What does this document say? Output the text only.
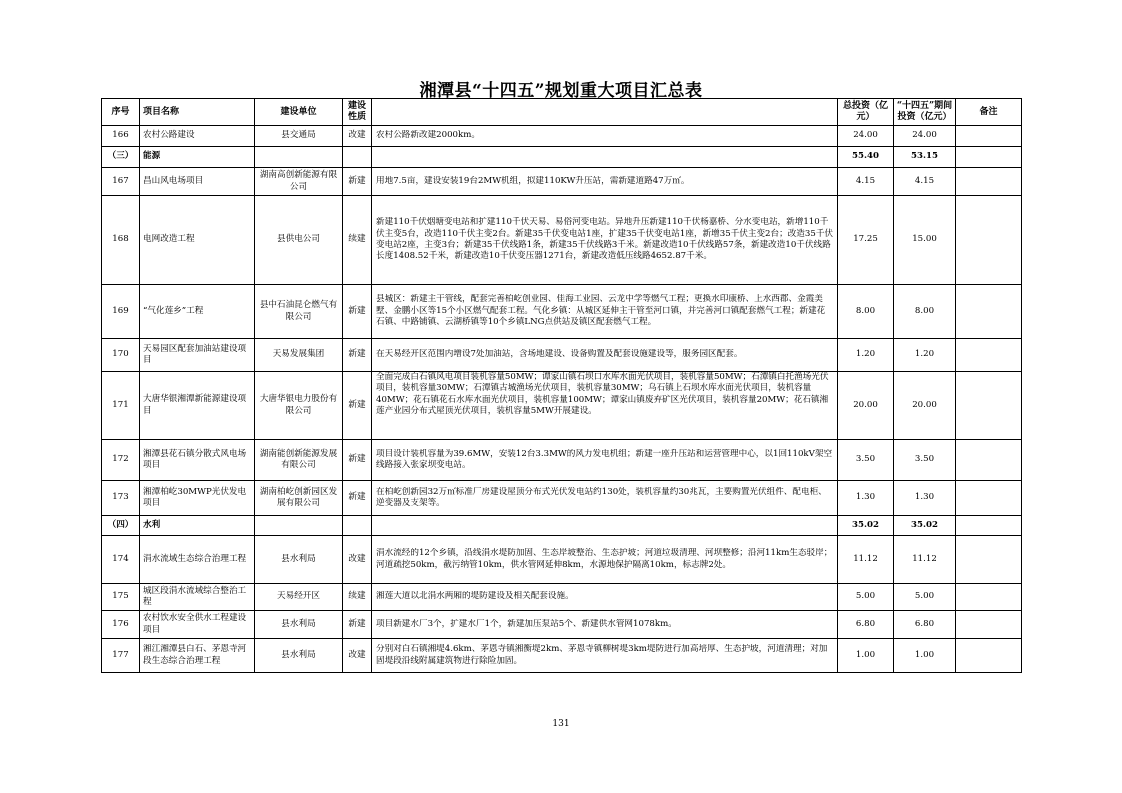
湘潭县“十四五”规划重大项目汇总表
序号	项目名称	建设单位	建设性质		总投资（亿元）	“十四五”期间投资（亿元）	备注
166	农村公路建设	县交通局	改建	农村公路新改建2000km。	24.00	24.00	
（三）	能源				55.40	53.15	
167	昌山风电场项目	湖南高创新能源有限公司	新建	用地7.5亩，建设安装19台2MW机组，拟建110KW升压站，需新建道路47万㎡。	4.15	4.15	
168	电网改造工程	县供电公司	续建	新建110千伏烟塘变电站和扩建110千伏天易、易俗河变电站。异地升压新建110千伏杨嘉桥、分水变电站，新增110千伏主变5台，改造110千伏主变2台。新建35千伏变电站1座，扩建35千伏变电站1座，新增35千伏主变2台；改造35千伏变电站2座，主变3台；新建35千伏线路1条，新建35千伏线路3千米。新建改造10千伏线路57条，新建改造10千伏线路长度1408.52千米，新建改造10千伏变压器1271台，新建改造低压线路4652.87千米。	17.25	15.00	
169	“气化莲乡”工程	县中石油昆仑燃气有限公司	新建	县城区：新建主干管线，配套完善柏屹创业园、佳海工业园、云龙中学等燃气工程；更换水印康桥、上水西郡、金霞美墅、金鹏小区等15个小区燃气配套工程。气化乡镇：从城区延伸主干管至河口镇，并完善河口镇配套燃气工程；新建花石镇、中路铺镇、云湖桥镇等10个乡镇LNG点供站及镇区配套燃气工程。	8.00	8.00	
170	天易园区配套加油站建设项目	天易发展集团	新建	在天易经开区范围内增设7处加油站，含场地建设、设备购置及配套设施建设等，服务园区配套。	1.20	1.20	
171	大唐华银湘潭新能源建设项目	大唐华银电力股份有限公司	新建	全面完成白石镇风电项目装机容量50MW；谭家山镇石坝口水库水面光伏项目，装机容量50MW；石潭镇白托渔场光伏项目，装机容量30MW；石潭镇古城渔场光伏项目，装机容量30MW；乌石镇上石坝水库水面光伏项目，装机容量40MW；花石镇花石水库水面光伏项目，装机容量100MW；谭家山镇废弃矿区光伏项目，装机容量20MW；花石镇湘莲产业园分布式屋顶光伏项目，装机容量5MW开展建设。	20.00	20.00	
172	湘潭县花石镇分散式风电场项目	湖南能创新能源发展有限公司	新建	项目设计装机容量为39.6MW，安装12台3.3MW的风力发电机组；新建一座升压站和运营管理中心，以1回110kV架空线路接入张家坝变电站。	3.50	3.50	
173	湘潭柏屹30MWP光伏发电项目	湖南柏屹创新园区发展有限公司	新建	在柏屹创新园32万㎡标准厂房建设屋顶分布式光伏发电站约130处，装机容量约30兆瓦，主要购置光伏组件、配电柜、逆变器及支架等。	1.30	1.30	
（四）	水利				35.02	35.02	
174	涓水流域生态综合治理工程	县水利局	改建	涓水流经的12个乡镇，沿线涓水堤防加固、生态岸坡整治、生态护坡；河道垃圾清理、河坝整修；沿河11km生态驳岸；河道疏挖50km，截污纳管10km，供水管网延伸8km，水源地保护隔离10km，标志牌2处。	11.12	11.12	
175	城区段涓水流域综合整治工程	天易经开区	续建	湘莲大道以北涓水两厢的堤防建设及相关配套设施。	5.00	5.00	
176	农村饮水安全供水工程建设项目	县水利局	新建	项目新建水厂3个，扩建水厂1个，新建加压泵站5个、新建供水管网1078km。	6.80	6.80	
177	湘江湘潭县白石、茅恩寺河段生态综合治理工程	县水利局	改建	分别对白石镇湘堤4.6km、茅恩寺镇湘衡堤2km、茅恩寺镇柳树堤3km堤防进行加高培厚、生态护坡，河道清理；对加固堤段沿线附属建筑物进行除险加固。	1.00	1.00	
131
